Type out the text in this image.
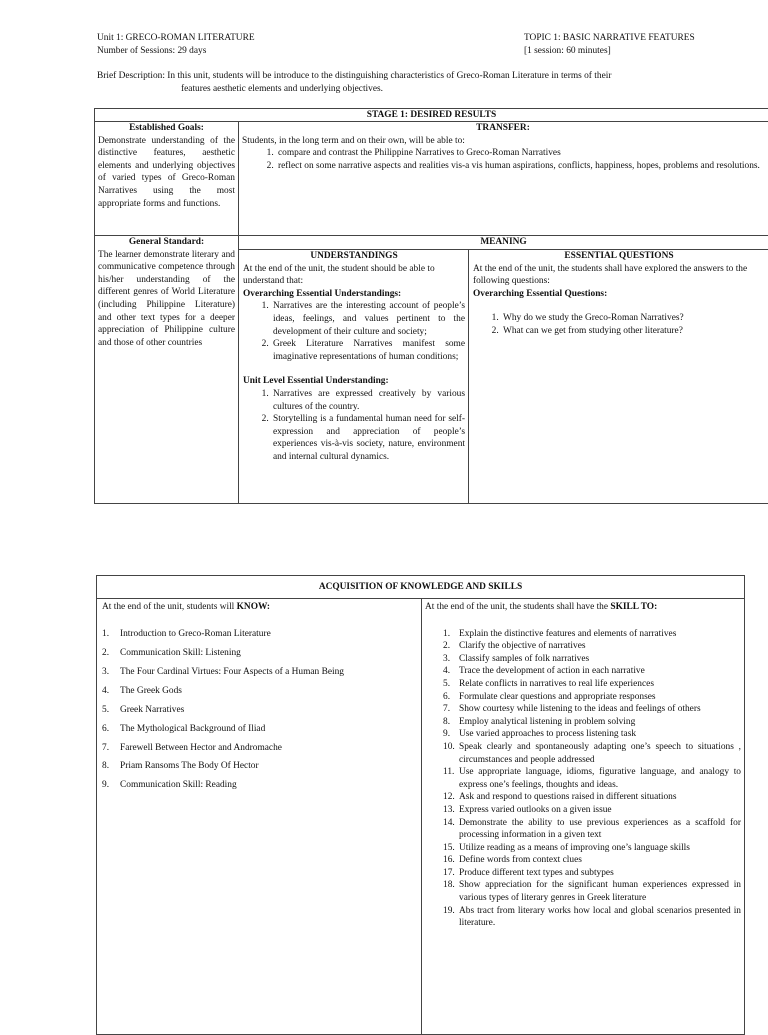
Unit 1: GRECO-ROMAN LITERATURE
Number of Sessions: 29 days
TOPIC 1: BASIC NARRATIVE FEATURES
[1 session: 60 minutes]
Brief Description: In this unit, students will be introduce to the distinguishing characteristics of Greco-Roman Literature in terms of their
features aesthetic elements and underlying objectives.
STAGE 1: DESIRED RESULTS
Established Goals:
Demonstrate understanding of the distinctive features, aesthetic elements and underlying objectives of varied types of Greco-Roman Narratives using the most appropriate forms and functions.
TRANSFER:
Students, in the long term and on their own, will be able to:
1. compare and contrast the Philippine Narratives to Greco-Roman Narratives
2. reflect on some narrative aspects and realities vis-a vis human aspirations, conflicts, happiness, hopes, problems and resolutions.
General Standard:
The learner demonstrate literary and communicative competence through his/her understanding of the different genres of World Literature (including Philippine Literature) and other text types for a deeper appreciation of Philippine culture and those of other countries
MEANING
UNDERSTANDINGS
At the end of the unit, the student should be able to understand that:
Overarching Essential Understandings:
1. Narratives are the interesting account of people’s ideas, feelings, and values pertinent to the development of their culture and society;
2. Greek Literature Narratives manifest some imaginative representations of human conditions;
Unit Level Essential Understanding:
1. Narratives are expressed creatively by various cultures of the country.
2. Storytelling is a fundamental human need for self-expression and appreciation of people’s experiences vis-à-vis society, nature, environment and internal cultural dynamics.
ESSENTIAL QUESTIONS
At the end of the unit, the students shall have explored the answers to the following questions:
Overarching Essential Questions:
1. Why do we study the Greco-Roman Narratives?
2. What can we get from studying other literature?
ACQUISITION OF KNOWLEDGE AND SKILLS
At the end of the unit, students will KNOW:
1.	Introduction to Greco-Roman Literature
2.	Communication Skill: Listening
3.	The Four Cardinal Virtues: Four Aspects of a Human Being
4.	The Greek Gods
5.	Greek Narratives
6.	The Mythological Background of Iliad
7.	Farewell Between Hector and Andromache
8.	Priam Ransoms The Body Of Hector
9.	Communication Skill: Reading
At the end of the unit, the students shall have the SKILL TO:
1. Explain the distinctive features and elements of narratives
2. Clarify the objective of narratives
3. Classify samples of folk narratives
4. Trace the development of action in each narrative
5. Relate conflicts in narratives to real life experiences
6. Formulate clear questions and appropriate responses
7. Show courtesy while listening to the ideas and feelings of others
8. Employ analytical listening in problem solving
9. Use varied approaches to process listening task
10. Speak clearly and spontaneously adapting one’s speech to situations , circumstances and people addressed
11. Use appropriate language, idioms, figurative language, and analogy to express one’s feelings, thoughts and ideas.
12. Ask and respond to questions raised in different situations
13. Express varied outlooks on a given issue
14. Demonstrate the ability to use previous experiences as a scaffold for processing information in a given text
15. Utilize reading as a means of improving one’s language skills
16. Define words from context clues
17. Produce different text types and subtypes
18. Show appreciation for the significant human experiences expressed in various types of literary genres in Greek literature
19. Abs tract from literary works how local and global scenarios presented in literature.
